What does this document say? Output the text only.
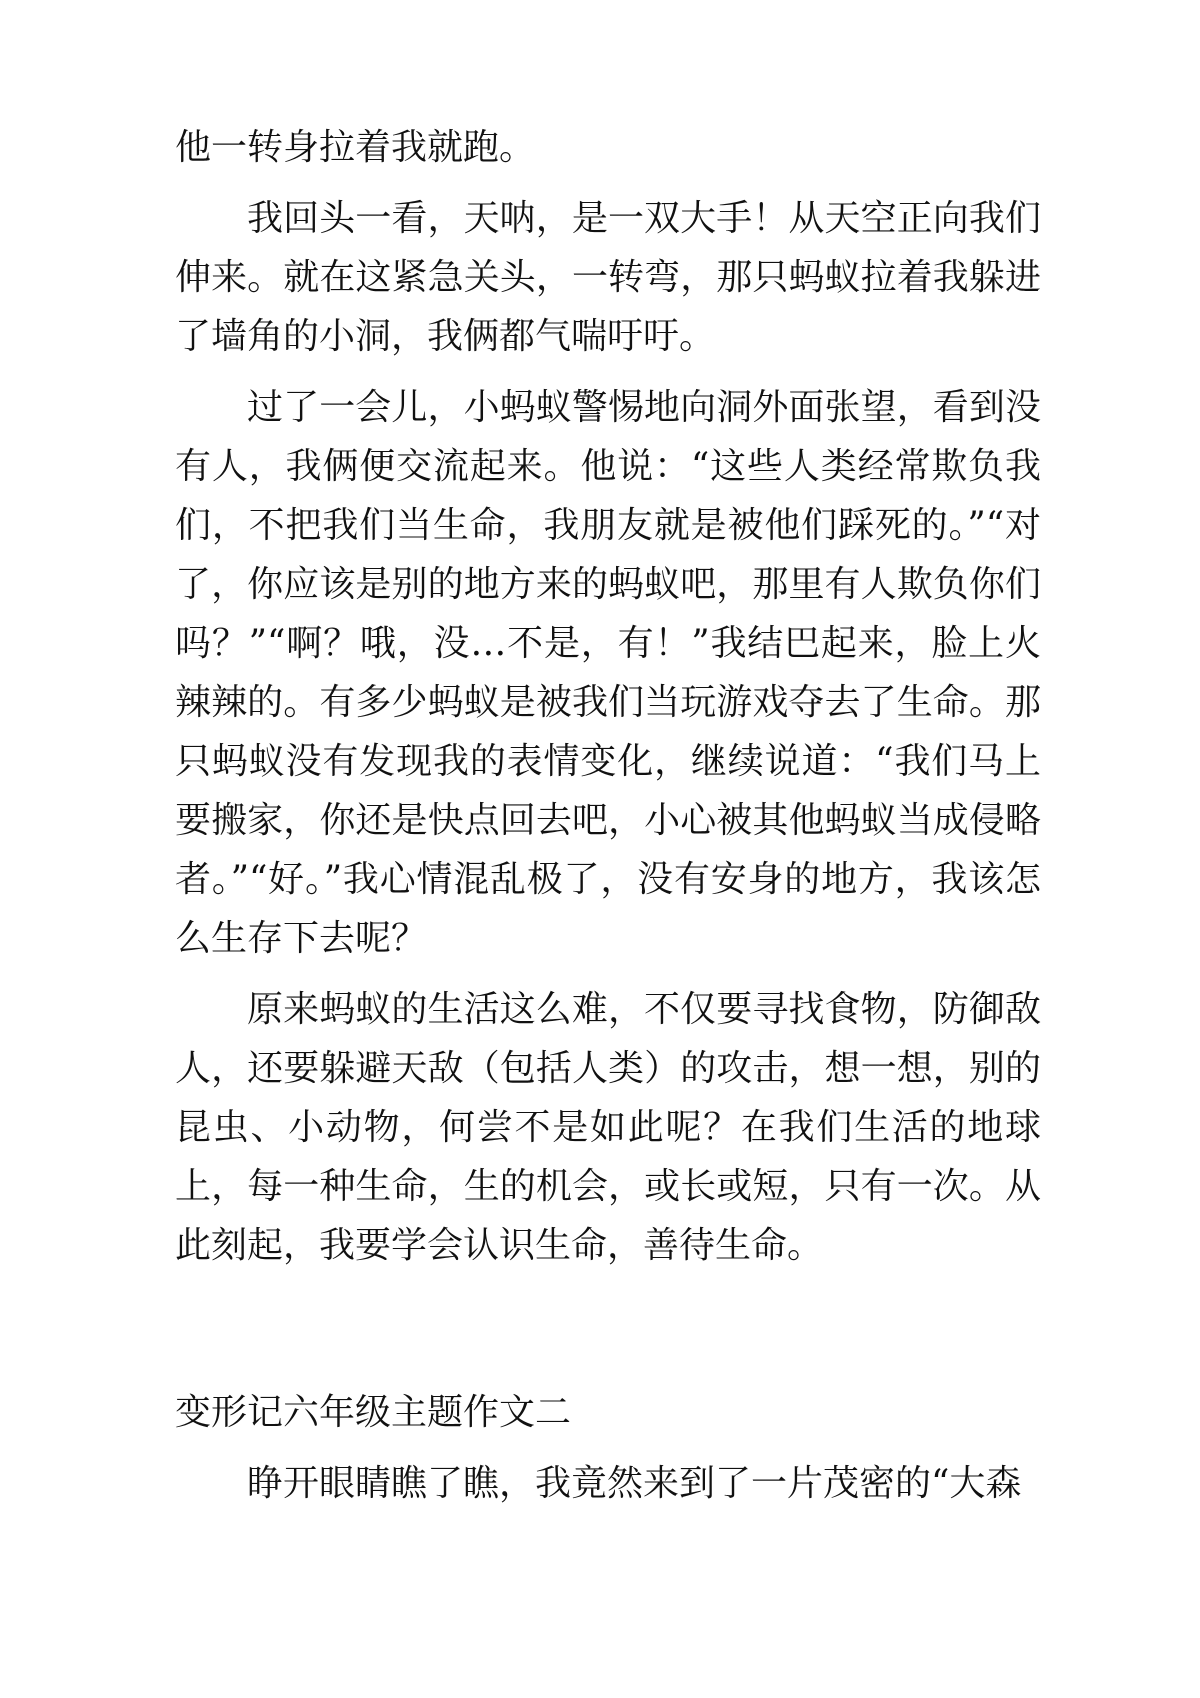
他一转身拉着我就跑。

我回头一看，天呐，是一双大手！从天空正向我们伸来。就在这紧急关头，一转弯，那只蚂蚁拉着我躲进了墙角的小洞，我俩都气喘吁吁。

过了一会儿，小蚂蚁警惕地向洞外面张望，看到没有人，我俩便交流起来。他说：“这些人类经常欺负我们，不把我们当生命，我朋友就是被他们踩死的。”“对了，你应该是别的地方来的蚂蚁吧，那里有人欺负你们吗？”“啊？哦，没…不是，有！”我结巴起来，脸上火辣辣的。有多少蚂蚁是被我们当玩游戏夺去了生命。那只蚂蚁没有发现我的表情变化，继续说道：“我们马上要搬家，你还是快点回去吧，小心被其他蚂蚁当成侵略者。”“好。”我心情混乱极了，没有安身的地方，我该怎么生存下去呢？

原来蚂蚁的生活这么难，不仅要寻找食物，防御敌人，还要躲避天敌（包括人类）的攻击，想一想，别的昆虫、小动物，何尝不是如此呢？在我们生活的地球上，每一种生命，生的机会，或长或短，只有一次。从此刻起，我要学会认识生命，善待生命。

变形记六年级主题作文二

睁开眼睛瞧了瞧，我竟然来到了一片茂密的“大森
